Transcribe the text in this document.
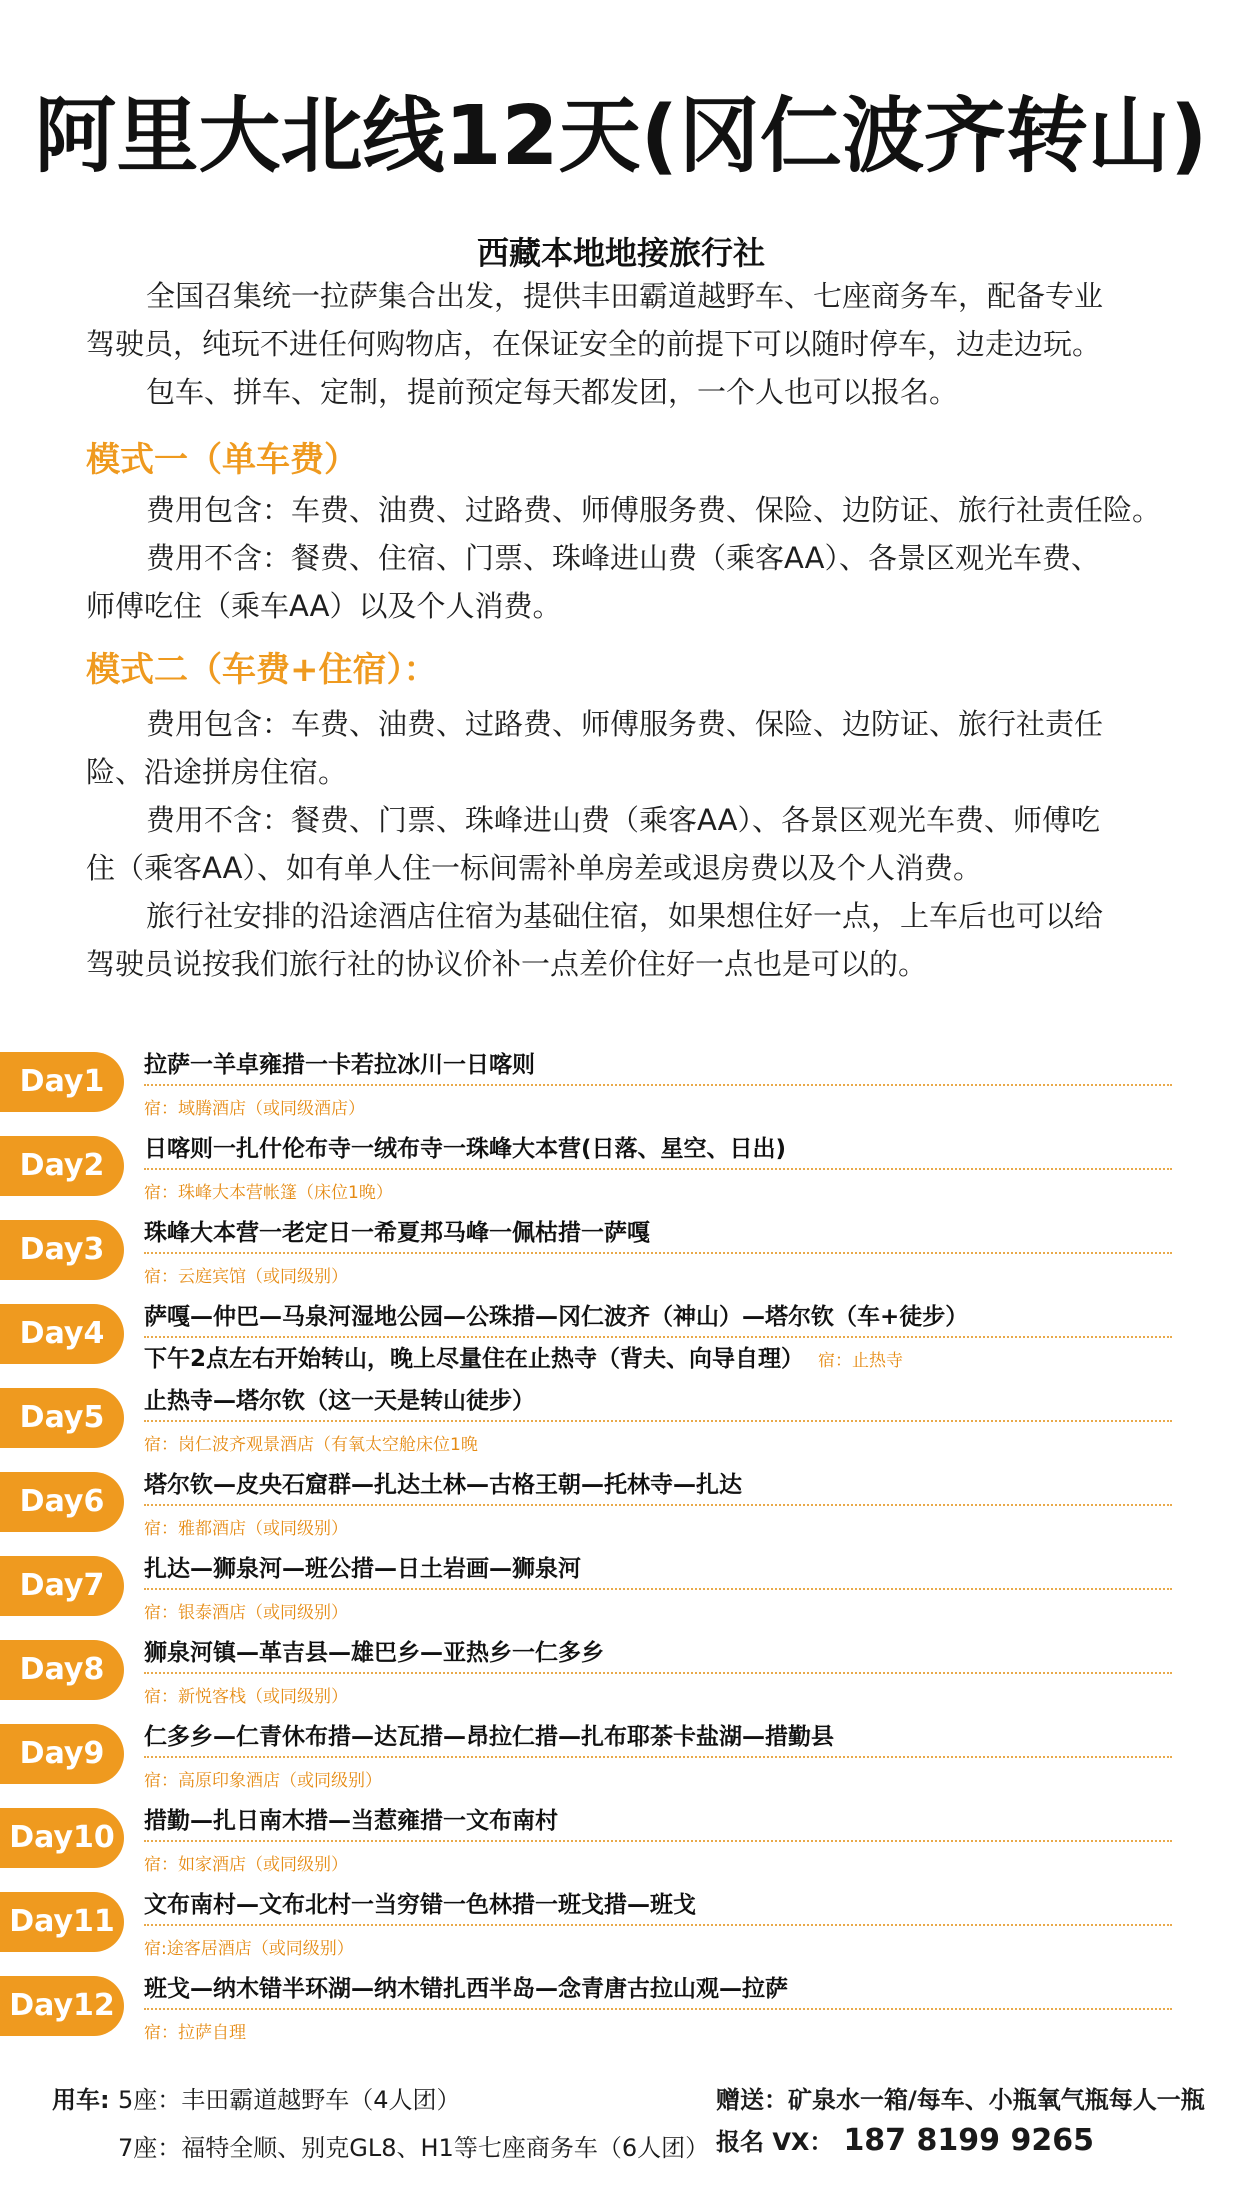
阿里大北线12天(冈仁波齐转山)
西藏本地地接旅行社
全国召集统一拉萨集合出发，提供丰田霸道越野车、七座商务车，配备专业
驾驶员，纯玩不进任何购物店，在保证安全的前提下可以随时停车，边走边玩。
包车、拼车、定制，提前预定每天都发团，一个人也可以报名。
模式一（单车费）
费用包含：车费、油费、过路费、师傅服务费、保险、边防证、旅行社责任险。
费用不含：餐费、住宿、门票、珠峰进山费（乘客AA）、各景区观光车费、
师傅吃住（乘车AA）以及个人消费。
模式二（车费+住宿）：
费用包含：车费、油费、过路费、师傅服务费、保险、边防证、旅行社责任
险、沿途拼房住宿。
费用不含：餐费、门票、珠峰进山费（乘客AA）、各景区观光车费、师傅吃
住（乘客AA）、如有单人住一标间需补单房差或退房费以及个人消费。
旅行社安排的沿途酒店住宿为基础住宿，如果想住好一点，上车后也可以给
驾驶员说按我们旅行社的协议价补一点差价住好一点也是可以的。
Day1	拉萨一羊卓雍措一卡若拉冰川一日喀则
宿：域腾酒店（或同级酒店）
Day2	日喀则一扎什伦布寺一绒布寺一珠峰大本营(日落、星空、日出)
宿：珠峰大本营帐篷（床位1晚）
Day3	珠峰大本营一老定日一希夏邦马峰一佩枯措一萨嘎
宿：云庭宾馆（或同级别）
Day4	萨嘎—仲巴—马泉河湿地公园—公珠措—冈仁波齐（神山）—塔尔钦（车+徒步）
下午2点左右开始转山，晚上尽量住在止热寺（背夫、向导自理） 宿：止热寺
Day5	止热寺—塔尔钦（这一天是转山徒步）
宿：岗仁波齐观景酒店（有氧太空舱床位1晚
Day6	塔尔钦—皮央石窟群—扎达土林—古格王朝—托林寺—扎达
宿：雅都酒店（或同级别）
Day7	扎达—狮泉河—班公措—日土岩画—狮泉河
宿：银泰酒店（或同级别）
Day8	狮泉河镇—革吉县—雄巴乡—亚热乡一仁多乡
宿：新悦客栈（或同级别）
Day9	仁多乡—仁青休布措—达瓦措—昂拉仁措—扎布耶茶卡盐湖—措勤县
宿：高原印象酒店（或同级别）
Day10	措勤—扎日南木措—当惹雍措一文布南村
宿：如家酒店（或同级别）
Day11	文布南村—文布北村一当穷错一色林措一班戈措—班戈
宿:途客居酒店（或同级别）
Day12	班戈—纳木错半环湖—纳木错扎西半岛—念青唐古拉山观—拉萨
宿：拉萨自理
用车: 5座：丰田霸道越野车（4人团）
7座：福特全顺、别克GL8、H1等七座商务车（6人团）
赠送：矿泉水一箱/每车、小瓶氧气瓶每人一瓶
报名 VX： 187 8199 9265
